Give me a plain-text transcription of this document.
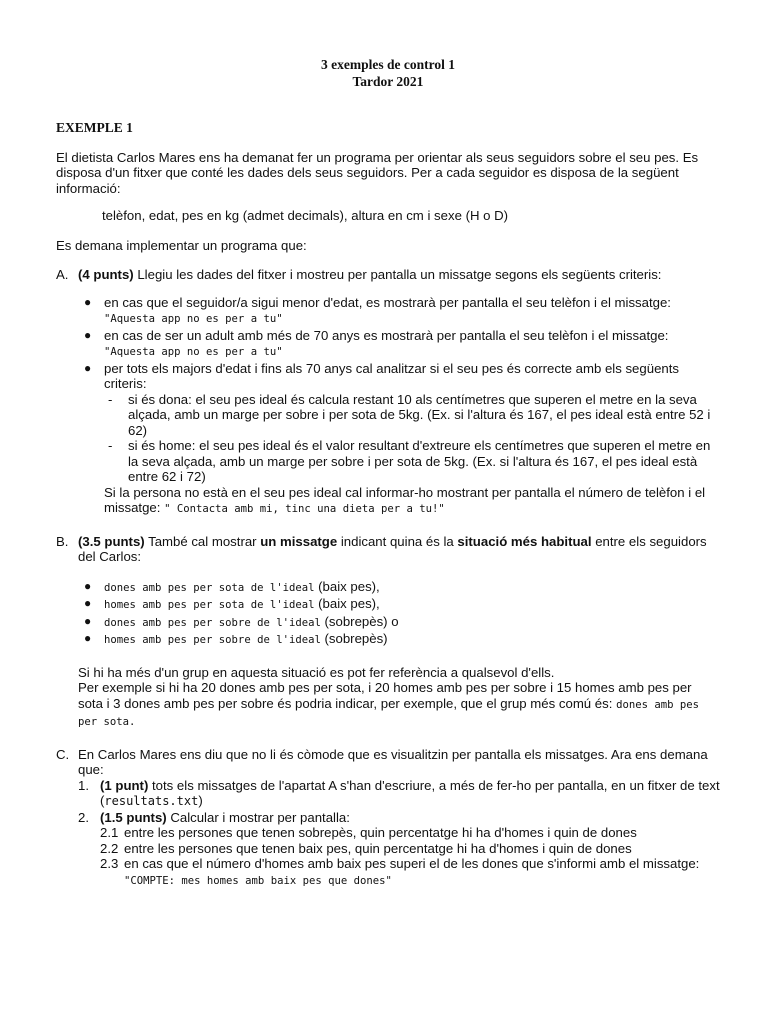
3 exemples de control 1
Tardor 2021
EXEMPLE 1

El dietista Carlos Mares ens ha demanat fer un programa per orientar als seus seguidors sobre el seu pes. Es disposa d'un fitxer que conté les dades dels seus seguidors. Per a cada seguidor es disposa de la següent informació:

telèfon, edat, pes en kg (admet decimals), altura en cm i sexe (H o D)

Es demana implementar un programa que:

A. (4 punts) Llegiu les dades del fitxer i mostreu per pantalla un missatge segons els següents criteris:
● en cas que el seguidor/a sigui menor d'edat, es mostrarà per pantalla el seu telèfon i el missatge:
"Aquesta app no es per a tu"
● en cas de ser un adult amb més de 70 anys es mostrarà per pantalla el seu telèfon i el missatge:
"Aquesta app no es per a tu"
● per tots els majors d'edat i fins als 70 anys cal analitzar si el seu pes és correcte amb els següents criteris:
- si és dona: el seu pes ideal és calcula restant 10 als centímetres que superen el metre en la seva alçada, amb un marge per sobre i per sota de 5kg. (Ex. si l'altura és 167, el pes ideal està entre 52 i 62)
- si és home: el seu pes ideal és el valor resultant d'extreure els centímetres que superen el metre en la seva alçada, amb un marge per sobre i per sota de 5kg. (Ex. si l'altura és 167, el pes ideal està entre 62 i 72)
Si la persona no està en el seu pes ideal cal informar-ho mostrant per pantalla el número de telèfon i el missatge: " Contacta amb mi, tinc una dieta per a tu!"
B. (3.5 punts) També cal mostrar un missatge indicant quina és la situació més habitual entre els seguidors del Carlos:
● dones amb pes per sota de l'ideal (baix pes),
● homes amb pes per sota de l'ideal (baix pes),
● dones amb pes per sobre de l'ideal (sobrepès) o
● homes amb pes per sobre de l'ideal (sobrepès)

Si hi ha més d'un grup en aquesta situació es pot fer referència a qualsevol d'ells.

Per exemple si hi ha 20 dones amb pes per sota, i 20 homes amb pes per sobre i 15 homes amb pes per sota i 3 dones amb pes per sobre és podria indicar, per exemple, que el grup més comú és: dones amb pes per sota.

C. En Carlos Mares ens diu que no li és còmode que es visualitzin per pantalla els missatges. Ara ens demana que:
1. (1 punt) tots els missatges de l'apartat A s'han d'escriure, a més de fer-ho per pantalla, en un fitxer de text (resultats.txt)
2. (1.5 punts) Calcular i mostrar per pantalla:
2.1 entre les persones que tenen sobrepès, quin percentatge hi ha d'homes i quin de dones
2.2 entre les persones que tenen baix pes, quin percentatge hi ha d'homes i quin de dones
2.3 en cas que el número d'homes amb baix pes superi el de les dones que s'informi amb el missatge:
"COMPTE: mes homes amb baix pes que dones"
